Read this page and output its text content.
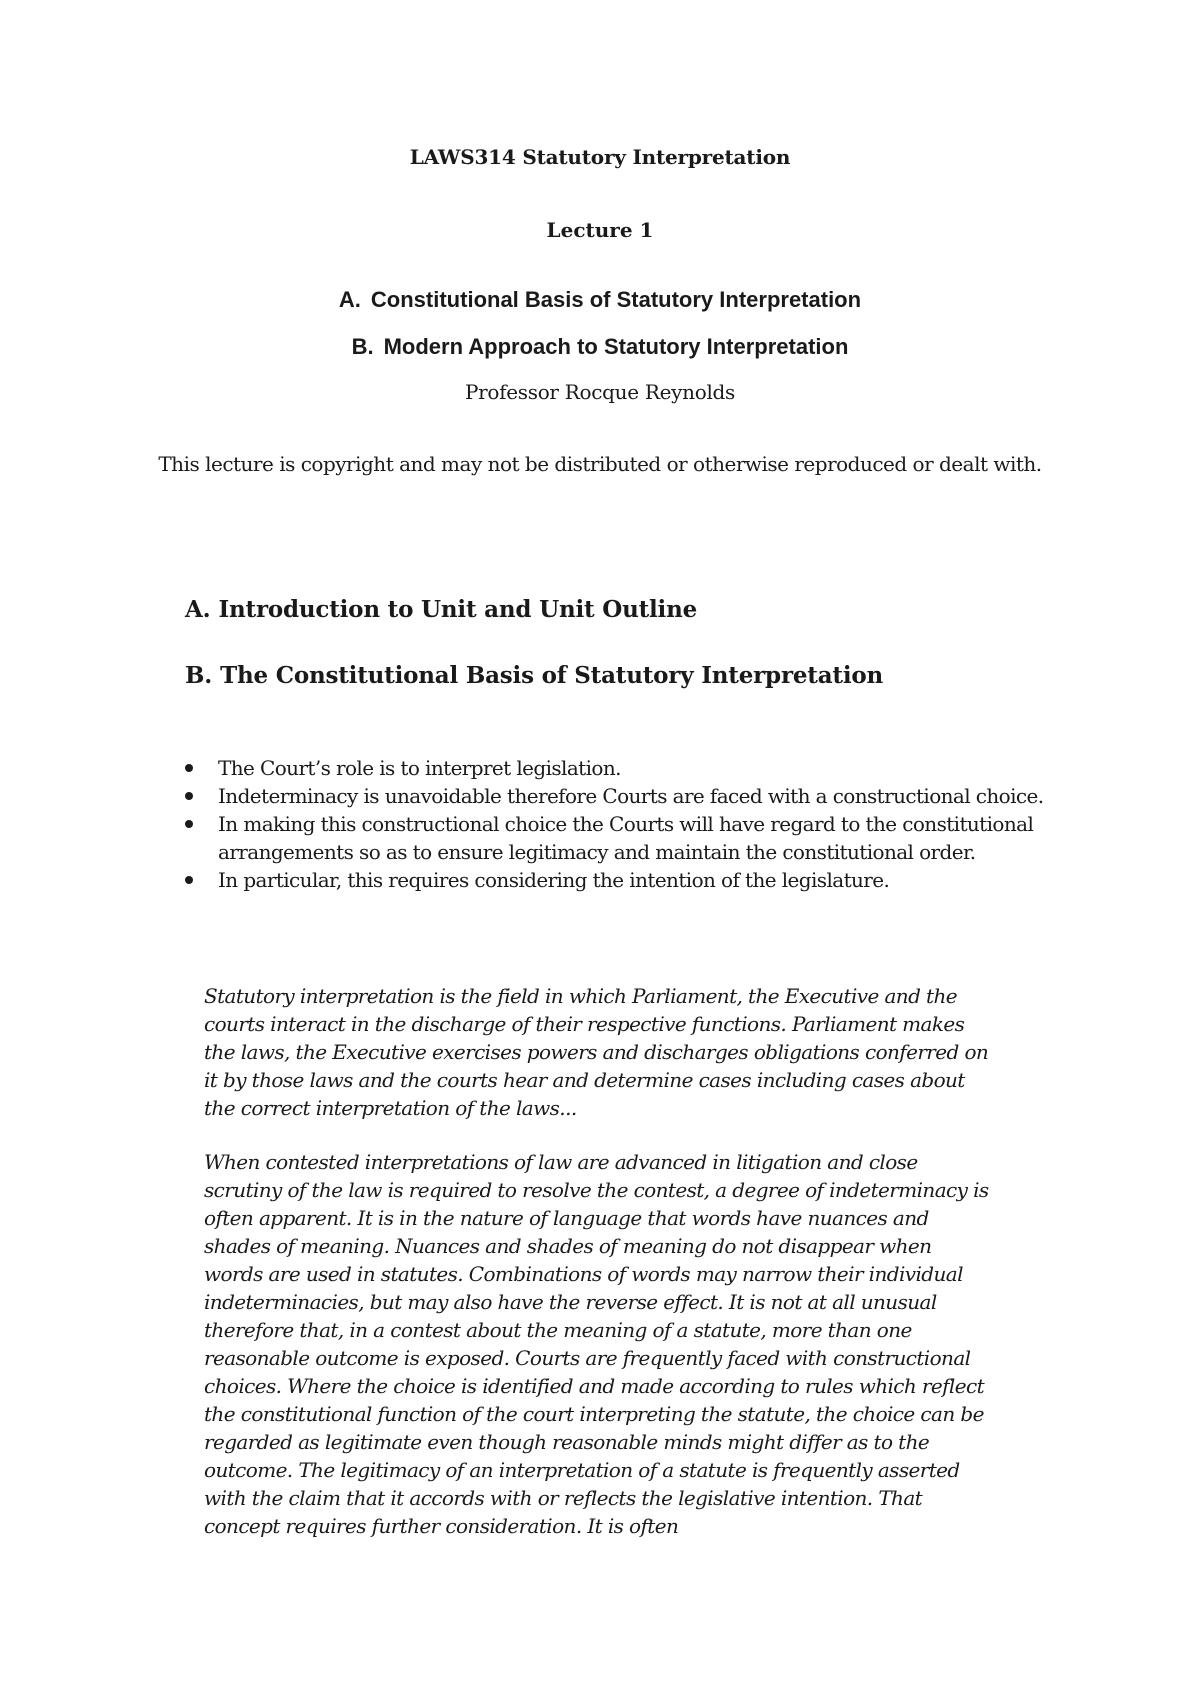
LAWS314 Statutory Interpretation
Lecture 1
A. Constitutional Basis of Statutory Interpretation
B. Modern Approach to Statutory Interpretation
Professor Rocque Reynolds
This lecture is copyright and may not be distributed or otherwise reproduced or dealt with.
A. Introduction to Unit and Unit Outline
B. The Constitutional Basis of Statutory Interpretation
The Court’s role is to interpret legislation.
Indeterminacy is unavoidable therefore Courts are faced with a constructional choice.
In making this constructional choice the Courts will have regard to the constitutional arrangements so as to ensure legitimacy and maintain the constitutional order.
In particular, this requires considering the intention of the legislature.

Statutory interpretation is the field in which Parliament, the Executive and the courts interact in the discharge of their respective functions. Parliament makes the laws, the Executive exercises powers and discharges obligations conferred on it by those laws and the courts hear and determine cases including cases about the correct interpretation of the laws...

When contested interpretations of law are advanced in litigation and close scrutiny of the law is required to resolve the contest, a degree of indeterminacy is often apparent. It is in the nature of language that words have nuances and shades of meaning. Nuances and shades of meaning do not disappear when words are used in statutes. Combinations of words may narrow their individual indeterminacies, but may also have the reverse effect. It is not at all unusual therefore that, in a contest about the meaning of a statute, more than one reasonable outcome is exposed. Courts are frequently faced with constructional choices. Where the choice is identified and made according to rules which reflect the constitutional function of the court interpreting the statute, the choice can be regarded as legitimate even though reasonable minds might differ as to the outcome. The legitimacy of an interpretation of a statute is frequently asserted with the claim that it accords with or reflects the legislative intention. That concept requires further consideration. It is often
